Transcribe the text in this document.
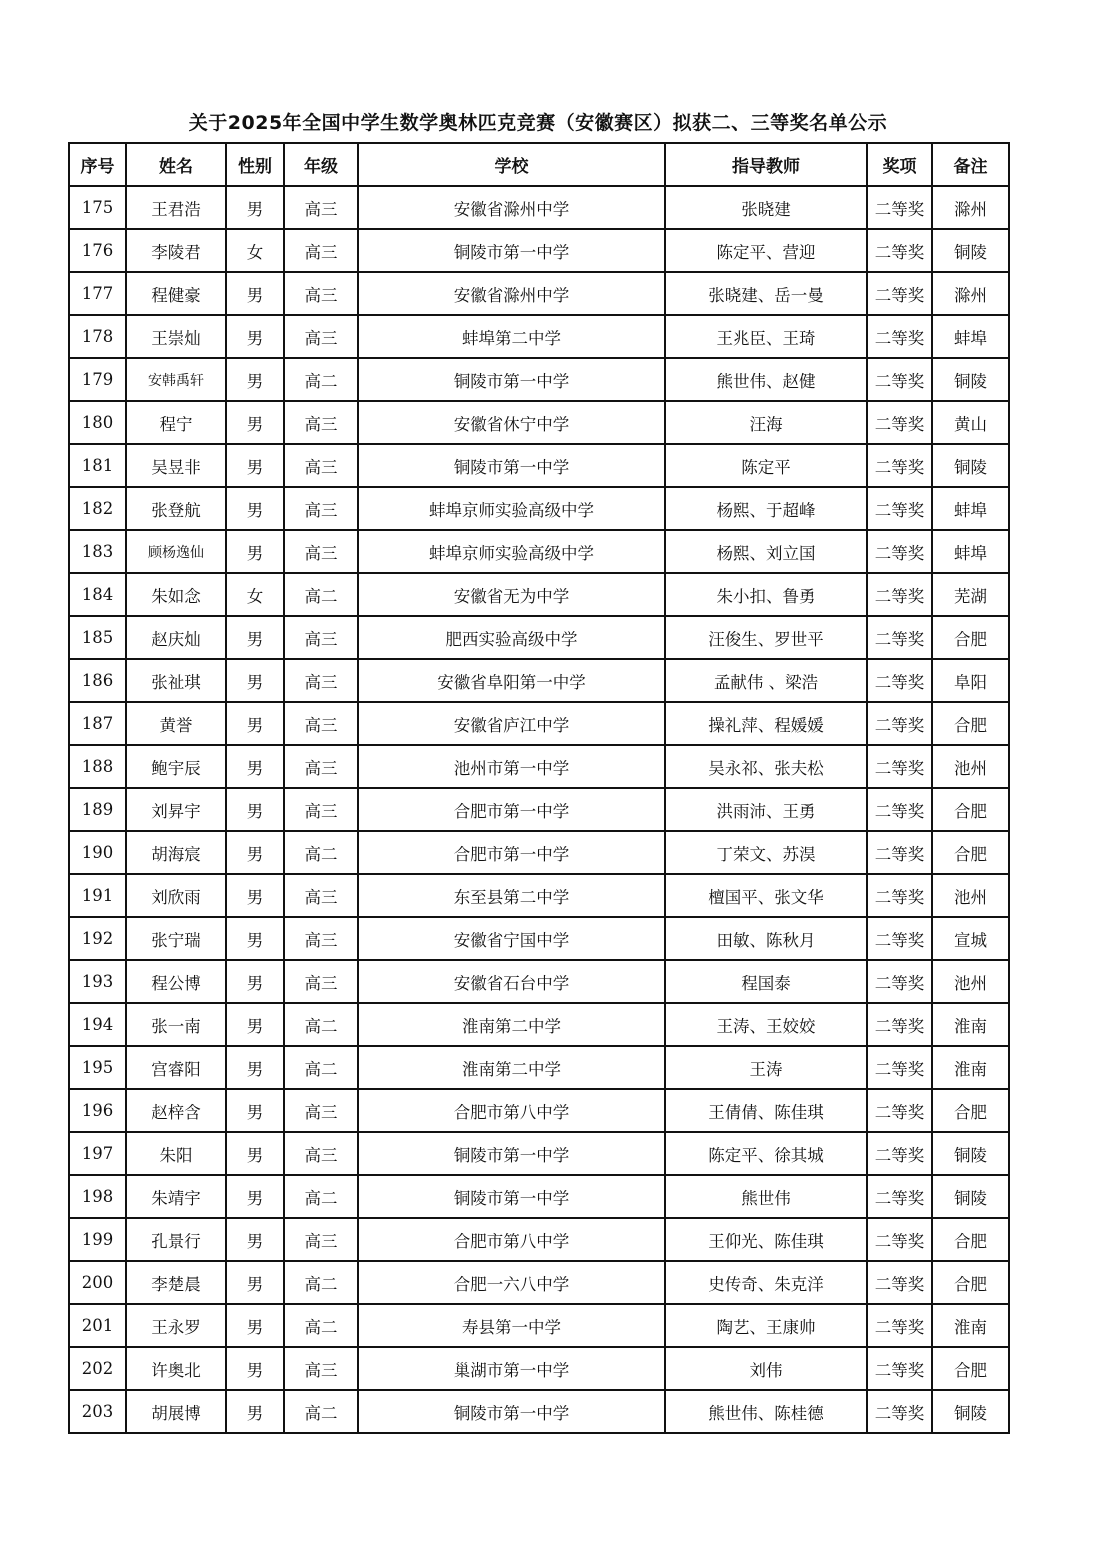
关于2025年全国中学生数学奥林匹克竞赛（安徽赛区）拟获二、三等奖名单公示
序号	姓名	性别	年级	学校	指导教师	奖项	备注
175	王君浩	男	高三	安徽省滁州中学	张晓建	二等奖	滁州
176	李陵君	女	高三	铜陵市第一中学	陈定平、营迎	二等奖	铜陵
177	程健豪	男	高三	安徽省滁州中学	张晓建、岳一曼	二等奖	滁州
178	王崇灿	男	高三	蚌埠第二中学	王兆臣、王琦	二等奖	蚌埠
179	安韩禹轩	男	高二	铜陵市第一中学	熊世伟、赵健	二等奖	铜陵
180	程宁	男	高三	安徽省休宁中学	汪海	二等奖	黄山
181	吴昱非	男	高三	铜陵市第一中学	陈定平	二等奖	铜陵
182	张登航	男	高三	蚌埠京师实验高级中学	杨熙、于超峰	二等奖	蚌埠
183	顾杨逸仙	男	高三	蚌埠京师实验高级中学	杨熙、刘立国	二等奖	蚌埠
184	朱如念	女	高二	安徽省无为中学	朱小扣、鲁勇	二等奖	芜湖
185	赵庆灿	男	高三	肥西实验高级中学	汪俊生、罗世平	二等奖	合肥
186	张祉琪	男	高三	安徽省阜阳第一中学	孟献伟 、梁浩	二等奖	阜阳
187	黄誉	男	高三	安徽省庐江中学	操礼萍、程媛媛	二等奖	合肥
188	鲍宇辰	男	高三	池州市第一中学	吴永祁、张夫松	二等奖	池州
189	刘昇宇	男	高三	合肥市第一中学	洪雨沛、王勇	二等奖	合肥
190	胡海宸	男	高二	合肥市第一中学	丁荣文、苏淏	二等奖	合肥
191	刘欣雨	男	高三	东至县第二中学	檀国平、张文华	二等奖	池州
192	张宁瑞	男	高三	安徽省宁国中学	田敏、陈秋月	二等奖	宣城
193	程公博	男	高三	安徽省石台中学	程国泰	二等奖	池州
194	张一南	男	高二	淮南第二中学	王涛、王姣姣	二等奖	淮南
195	宫睿阳	男	高二	淮南第二中学	王涛	二等奖	淮南
196	赵梓含	男	高三	合肥市第八中学	王倩倩、陈佳琪	二等奖	合肥
197	朱阳	男	高三	铜陵市第一中学	陈定平、徐其城	二等奖	铜陵
198	朱靖宇	男	高二	铜陵市第一中学	熊世伟	二等奖	铜陵
199	孔景行	男	高三	合肥市第八中学	王仰光、陈佳琪	二等奖	合肥
200	李楚晨	男	高二	合肥一六八中学	史传奇、朱克洋	二等奖	合肥
201	王永罗	男	高二	寿县第一中学	陶艺、王康帅	二等奖	淮南
202	许奥北	男	高三	巢湖市第一中学	刘伟	二等奖	合肥
203	胡展博	男	高二	铜陵市第一中学	熊世伟、陈桂德	二等奖	铜陵
